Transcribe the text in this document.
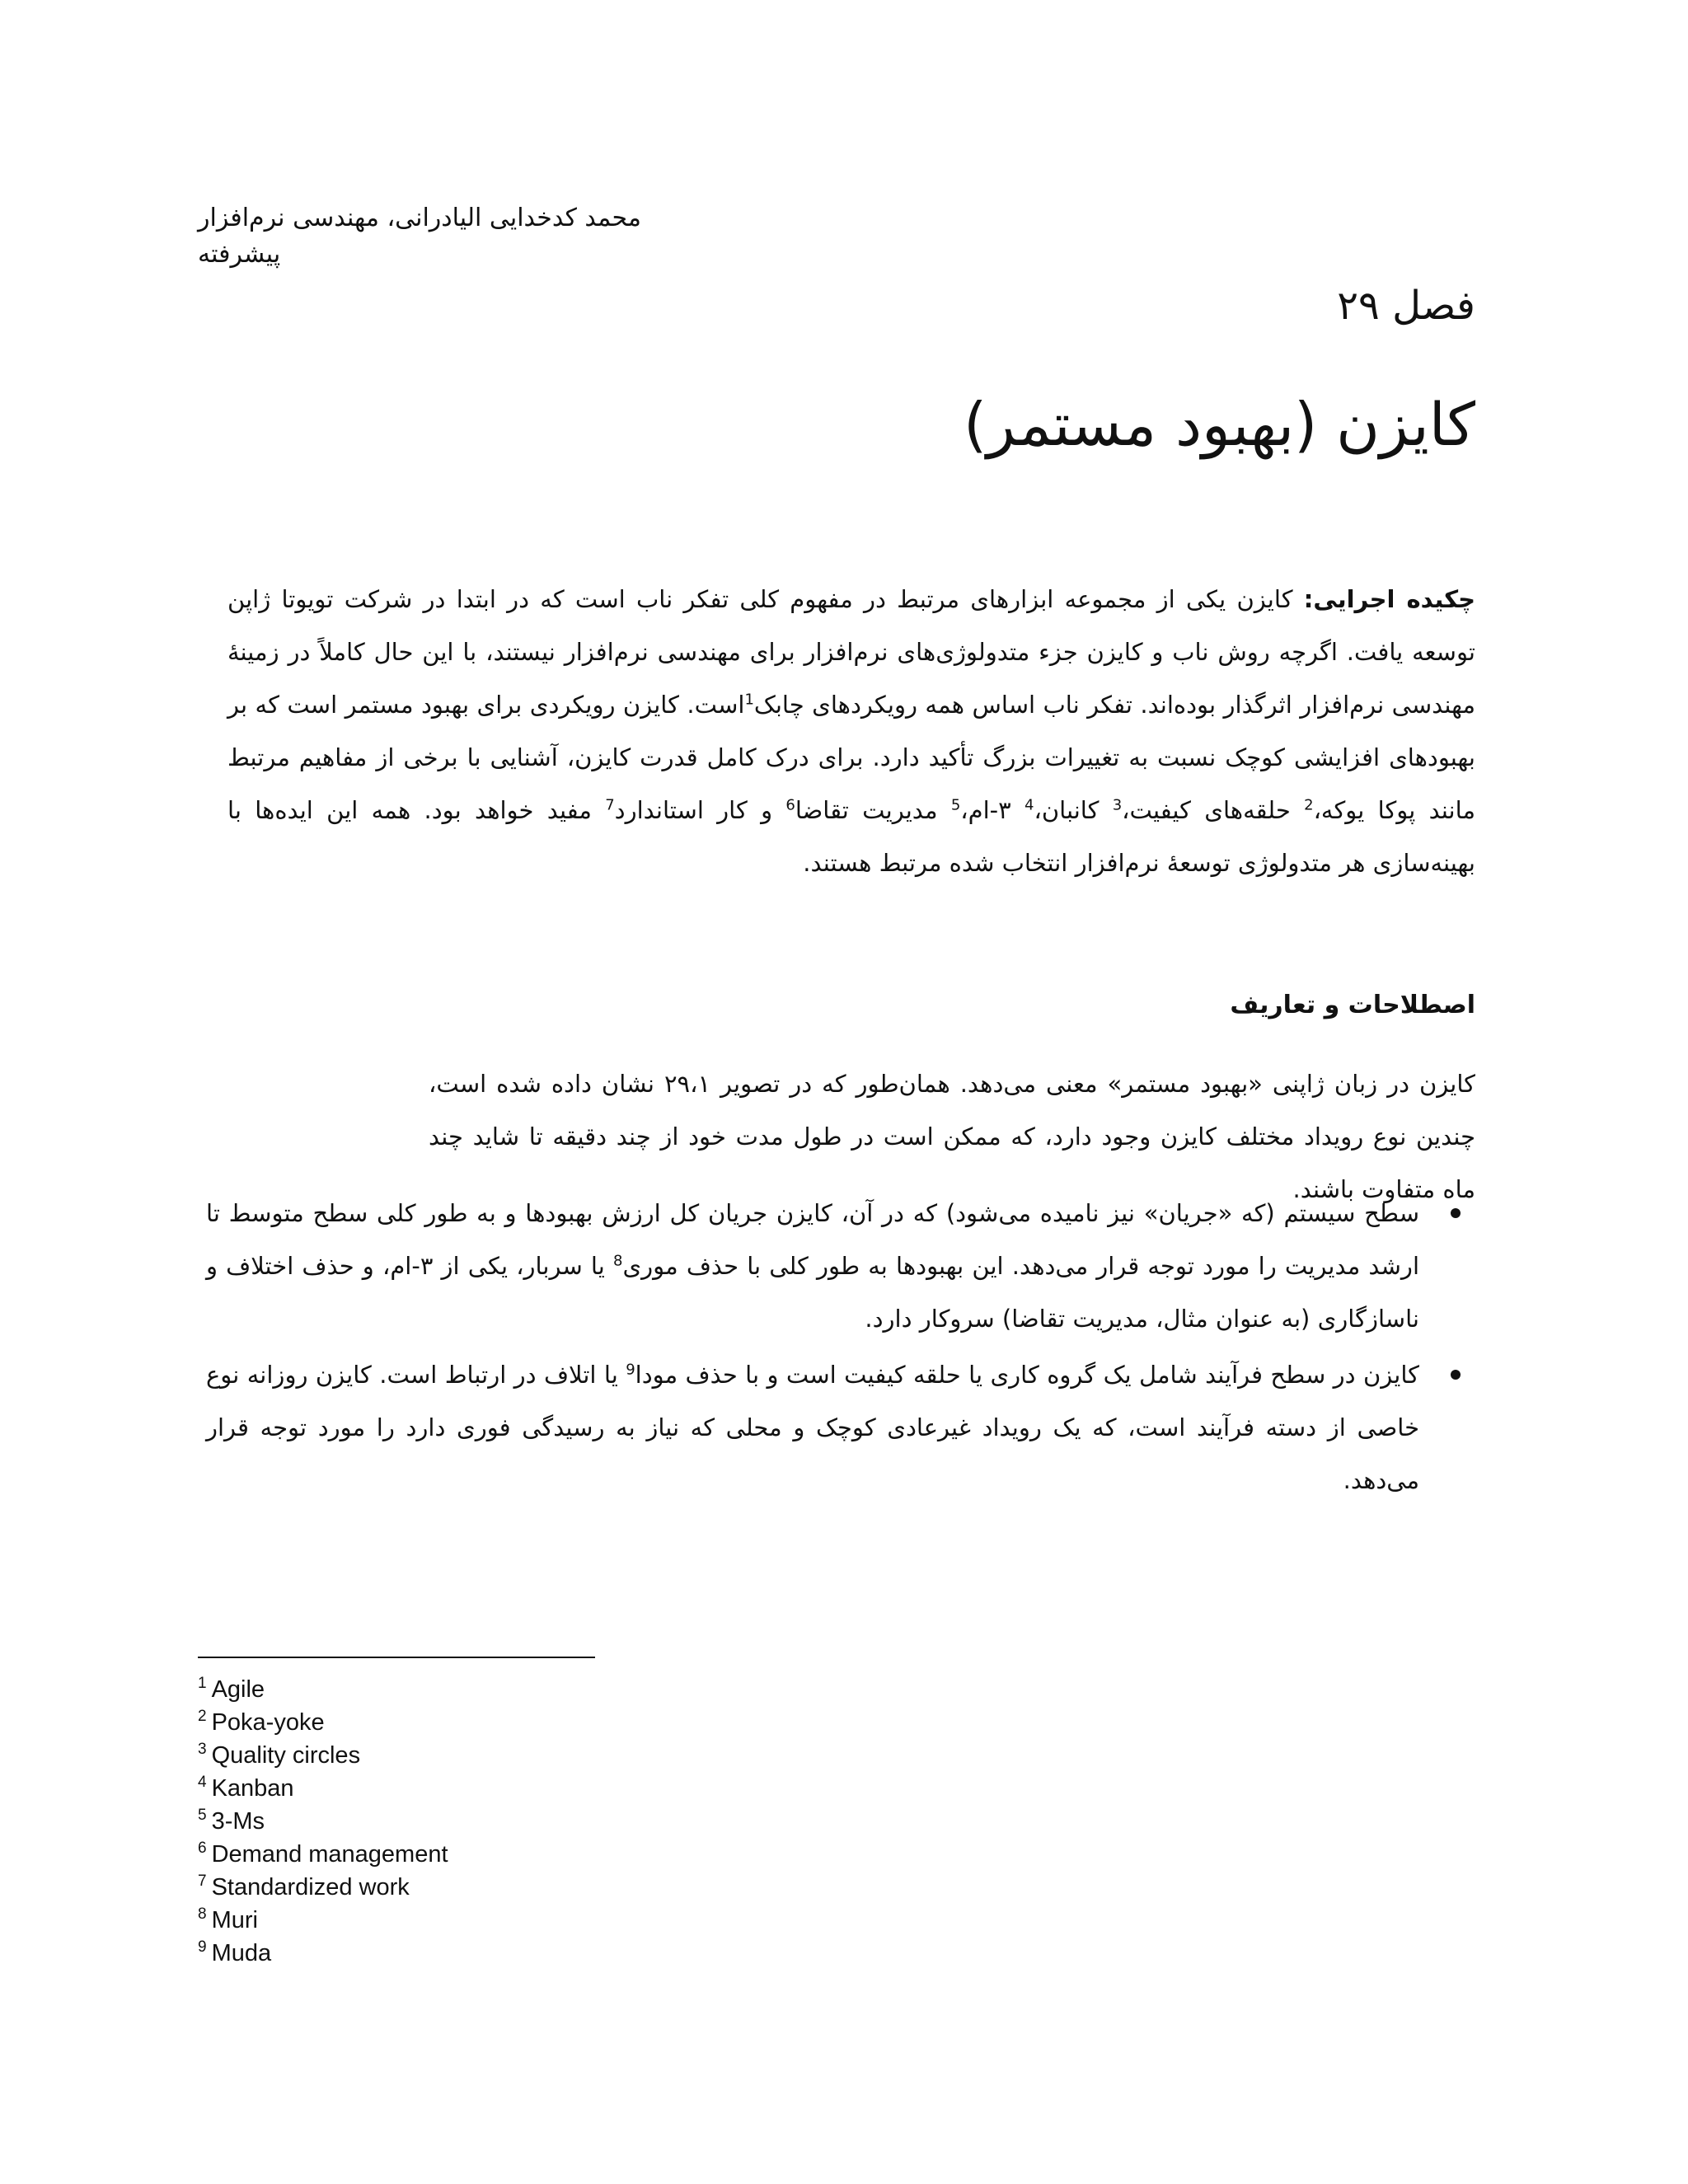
محمد کدخدایی الیادرانی، مهندسی نرم‌افزار پیشرفته
فصل ۲۹
کایزن (بهبود مستمر)

چکیده اجرایی: کایزن یکی از مجموعه ابزارهای مرتبط در مفهوم کلی تفکر ناب است که در ابتدا در شرکت تویوتا ژاپن توسعه یافت. اگرچه روش ناب و کایزن جزء متدولوژی‌های نرم‌افزار برای مهندسی نرم‌افزار نیستند، با این حال کاملاً در زمینهٔ مهندسی نرم‌افزار اثرگذار بوده‌اند. تفکر ناب اساس همه رویکردهای چابک$^1$است. کایزن رویکردی برای بهبود مستمر است که بر بهبودهای افزایشی کوچک نسبت به تغییرات بزرگ تأکید دارد. برای درک کامل قدرت کایزن، آشنایی با برخی از مفاهیم مرتبط مانند پوکا یوکه،$^2$ حلقه‌های کیفیت،$^3$ کانبان،$^4$ ۳-ام،$^5$ مدیریت تقاضا$^6$ و کار استاندارد$^7$ مفید خواهد بود. همه این ایده‌ها با بهینه‌سازی هر متدولوژی توسعهٔ نرم‌افزار انتخاب شده مرتبط هستند.

اصطلاحات و تعاریف

کایزن در زبان ژاپنی «بهبود مستمر» معنی می‌دهد. همان‌طور که در تصویر ۲۹،۱ نشان داده شده است، چندین نوع رویداد مختلف کایزن وجود دارد، که ممکن است در طول مدت خود از چند دقیقه تا شاید چند ماه متفاوت باشند.

سطح سیستم (که «جریان» نیز نامیده می‌شود) که در آن، کایزن جریان کل ارزش بهبودها و به طور کلی سطح متوسط تا ارشد مدیریت را مورد توجه قرار می‌دهد. این بهبودها به طور کلی با حذف موری$^8$ یا سربار، یکی از ۳-ام، و حذف اختلاف و ناسازگاری (به عنوان مثال، مدیریت تقاضا) سروکار دارد.
کایزن در سطح فرآیند شامل یک گروه کاری یا حلقه کیفیت است و با حذف مودا$^9$ یا اتلاف در ارتباط است. کایزن روزانه نوع خاصی از دسته فرآیند است، که یک رویداد غیرعادی کوچک و محلی که نیاز به رسیدگی فوری دارد را مورد توجه قرار می‌دهد.
$^1$ Agile
$^2$ Poka-yoke
$^3$ Quality circles
$^4$ Kanban
$^5$ 3-Ms
$^6$ Demand management
$^7$ Standardized work
$^8$ Muri
$^9$ Muda
